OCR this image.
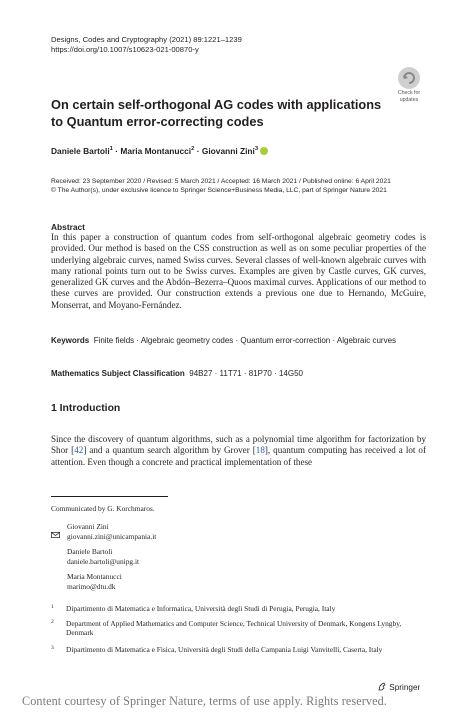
Designs, Codes and Cryptography (2021) 89:1221–1239
https://doi.org/10.1007/s10623-021-00870-y
Check for
updates
On certain self-orthogonal AG codes with applications to Quantum error-correcting codes
Daniele Bartoli$^1$ · Maria Montanucci$^2$ · Giovanni Zini$^3$
Received: 23 September 2020 / Revised: 5 March 2021 / Accepted: 16 March 2021 / Published online: 6 April 2021
© The Author(s), under exclusive licence to Springer Science+Business Media, LLC, part of Springer Nature 2021
Abstract
In this paper a construction of quantum codes from self-orthogonal algebraic geometry codes is provided. Our method is based on the CSS construction as well as on some peculiar properties of the underlying algebraic curves, named Swiss curves. Several classes of well-known algebraic curves with many rational points turn out to be Swiss curves. Examples are given by Castle curves, GK curves, generalized GK curves and the Abdón–Bezerra–Quoos maximal curves. Applications of our method to these curves are provided. Our construction extends a previous one due to Hernando, McGuire, Monserrat, and Moyano-Fernández.
Keywords Finite fields · Algebraic geometry codes · Quantum error-correction · Algebraic curves
Mathematics Subject Classification 94B27 · 11T71 · 81P70 · 14G50
1 Introduction
Since the discovery of quantum algorithms, such as a polynomial time algorithm for factorization by Shor [42] and a quantum search algorithm by Grover [18], quantum computing has received a lot of attention. Even though a concrete and practical implementation of these
Communicated by G. Korchmaros.
Giovanni Zini
giovanni.zini@unicampania.it
Daniele Bartoli
daniele.bartoli@unipg.it
Maria Montanucci
marimo@dtu.dk
1 Dipartimento di Matematica e Informatica, Università degli Studi di Perugia, Perugia, Italy
2 Department of Applied Mathematics and Computer Science, Technical University of Denmark, Kongens Lyngby, Denmark
3 Dipartimento di Matematica e Fisica, Università degli Studi della Campania Luigi Vanvitelli, Caserta, Italy
Springer
Content courtesy of Springer Nature, terms of use apply. Rights reserved.
